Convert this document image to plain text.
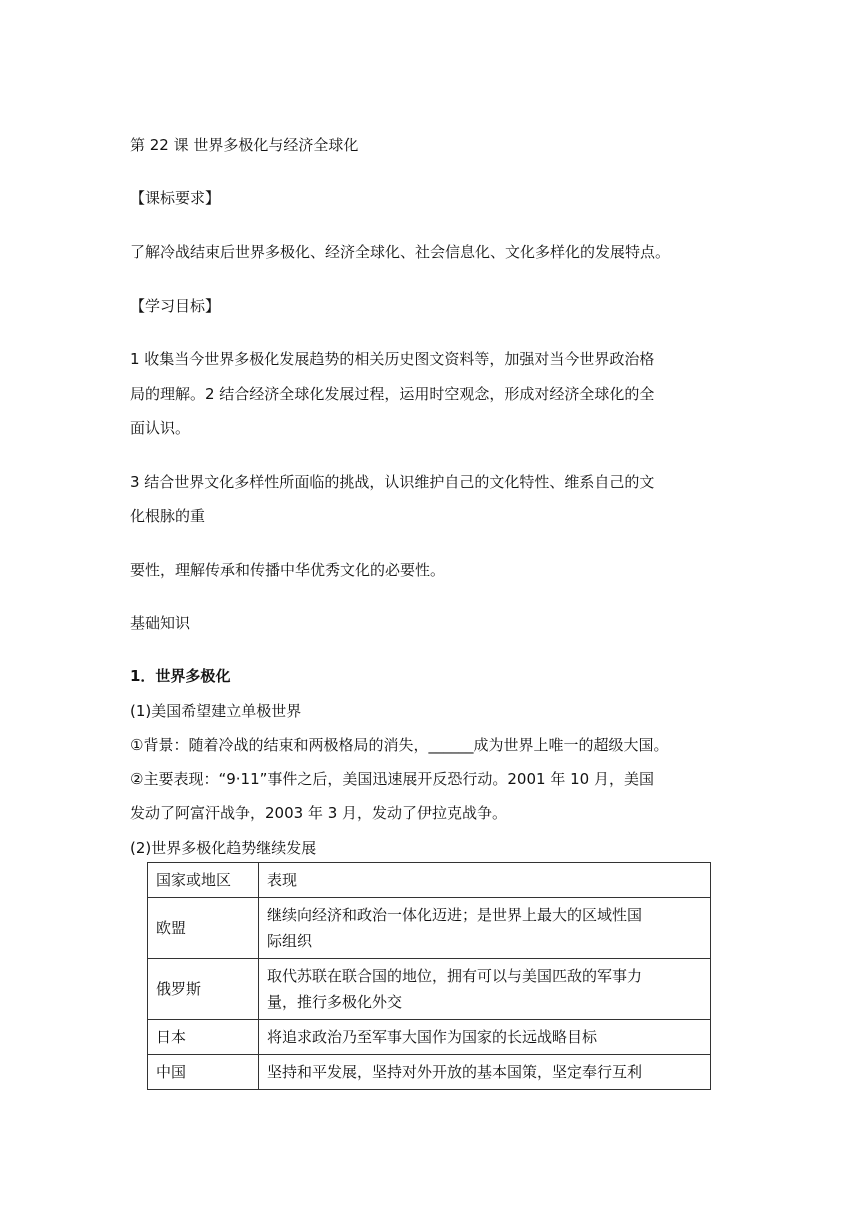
第 22 课 世界多极化与经济全球化
【课标要求】
了解冷战结束后世界多极化、经济全球化、社会信息化、文化多样化的发展特点。
【学习目标】
1 收集当今世界多极化发展趋势的相关历史图文资料等，加强对当今世界政治格
局的理解。2 结合经济全球化发展过程，运用时空观念，形成对经济全球化的全
面认识。
3 结合世界文化多样性所面临的挑战，认识维护自己的文化特性、维系自己的文
化根脉的重
要性，理解传承和传播中华优秀文化的必要性。
基础知识
1．世界多极化
(1)美国希望建立单极世界
①背景：随着冷战的结束和两极格局的消失，______成为世界上唯一的超级大国。
②主要表现：“9·11”事件之后，美国迅速展开反恐行动。2001 年 10 月，美国
发动了阿富汗战争，2003 年 3 月，发动了伊拉克战争。
(2)世界多极化趋势继续发展
国家或地区	表现
欧盟	继续向经济和政治一体化迈进；是世界上最大的区域性国
际组织

俄罗斯	取代苏联在联合国的地位，拥有可以与美国匹敌的军事力
量，推行多极化外交

日本	将追求政治乃至军事大国作为国家的长远战略目标

中国	坚持和平发展，坚持对外开放的基本国策，坚定奉行互利
